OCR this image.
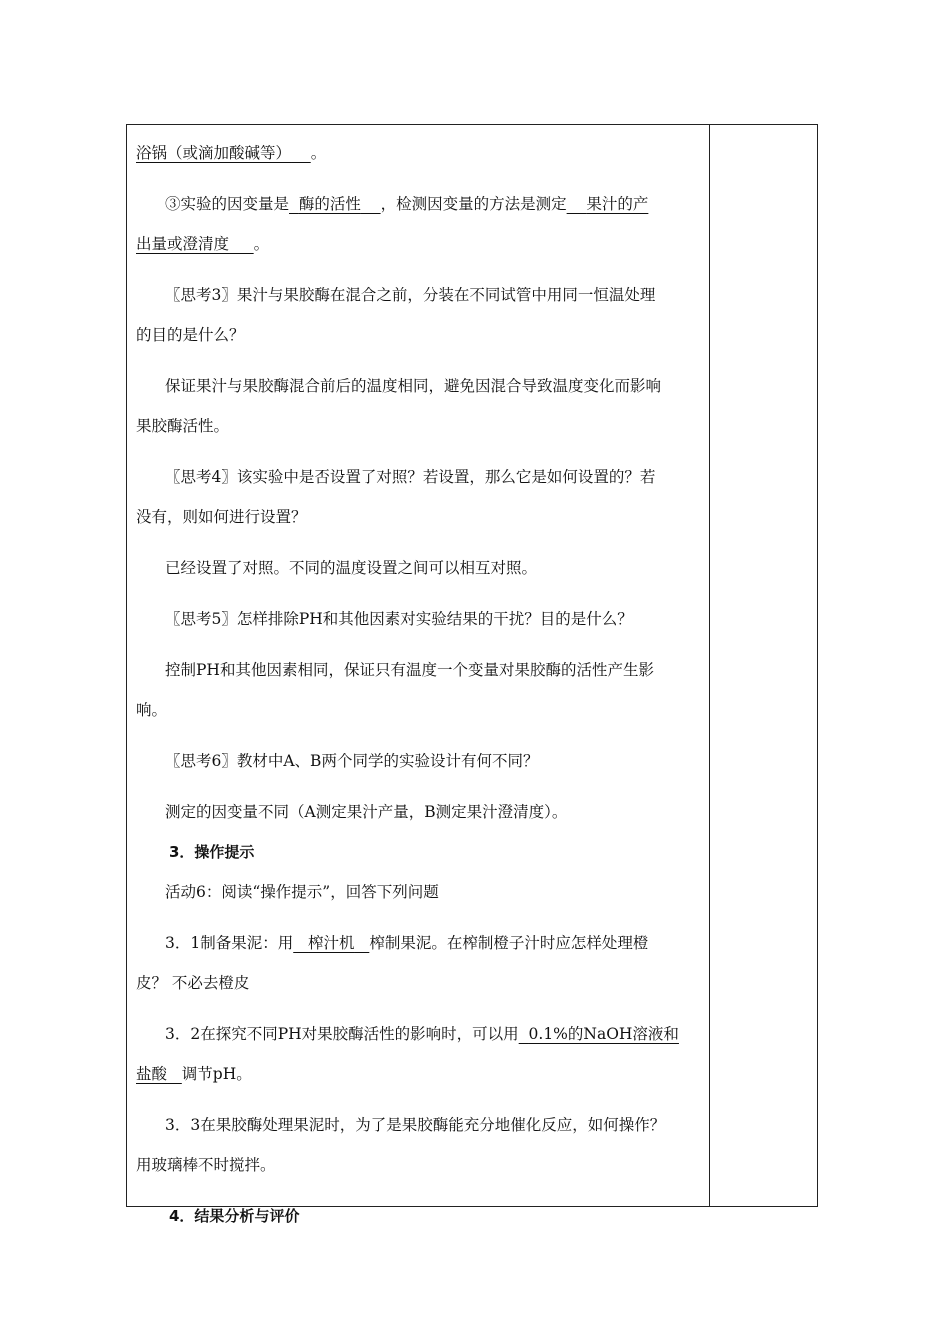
浴锅（或滴加酸碱等） 。
③实验的因变量是 酶的活性 ，检测因变量的方法是测定 果汁的产
出量或澄清度 。
〖思考3〗果汁与果胶酶在混合之前，分装在不同试管中用同一恒温处理
的目的是什么？
保证果汁与果胶酶混合前后的温度相同，避免因混合导致温度变化而影响
果胶酶活性。
〖思考4〗该实验中是否设置了对照？若设置，那么它是如何设置的？若
没有，则如何进行设置？
已经设置了对照。不同的温度设置之间可以相互对照。
〖思考5〗怎样排除PH和其他因素对实验结果的干扰？目的是什么？
控制PH和其他因素相同，保证只有温度一个变量对果胶酶的活性产生影
响。
〖思考6〗教材中A、B两个同学的实验设计有何不同？
测定的因变量不同（A测定果汁产量，B测定果汁澄清度）。
3．操作提示
活动6：阅读“操作提示”，回答下列问题
3．1制备果泥：用 榨汁机 榨制果泥。在榨制橙子汁时应怎样处理橙
皮？ 不必去橙皮
3．2在探究不同PH对果胶酶活性的影响时，可以用 0.1%的NaOH溶液和
盐酸 调节pH。
3．3在果胶酶处理果泥时，为了是果胶酶能充分地催化反应，如何操作？
用玻璃棒不时搅拌。
4．结果分析与评价
